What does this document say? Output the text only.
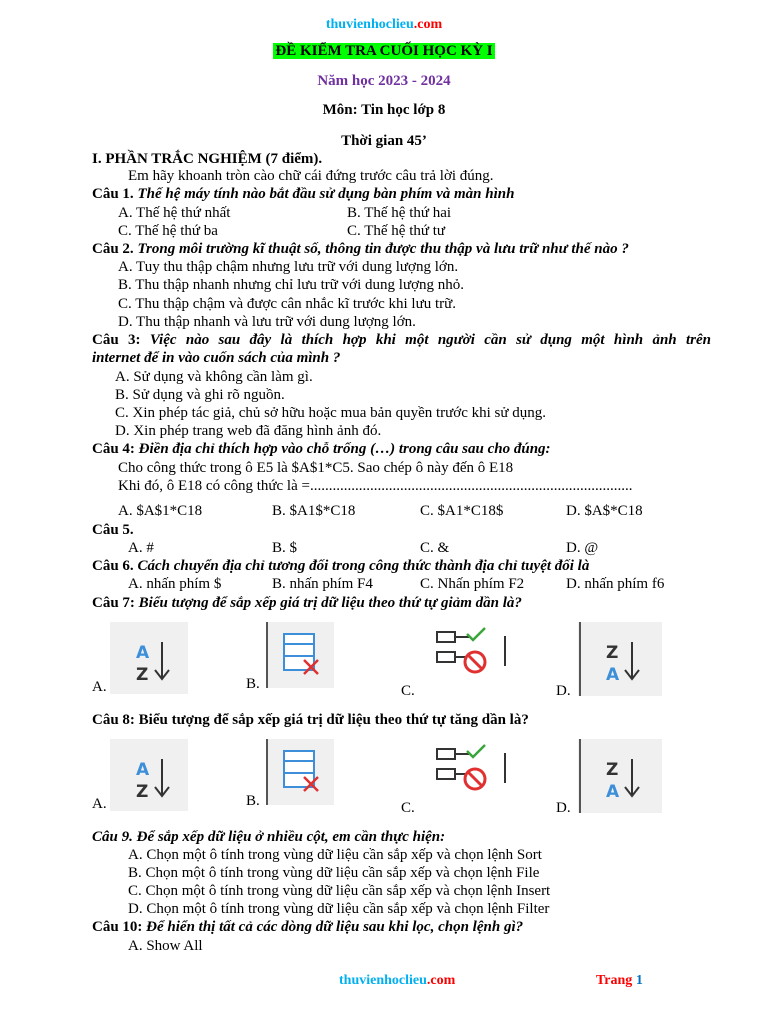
thuvienhoclieu.com
ĐỀ KIỂM TRA CUỐI HỌC KỲ I
Năm học 2023 - 2024
Môn: Tin học lớp 8
Thời gian 45’
I. PHẦN TRẮC NGHIỆM (7 điểm).
Em hãy khoanh tròn cào chữ cái đứng trước câu trả lời đúng.
Câu 1. Thế hệ máy tính nào bắt đầu sử dụng bàn phím và màn hình
A. Thế hệ thứ nhất	B. Thế hệ thứ hai
C. Thế hệ thứ ba	C. Thế hệ thứ tư
Câu 2. Trong môi trường kĩ thuật số, thông tin được thu thập và lưu trữ như thế nào ?
A. Tuy thu thập chậm nhưng lưu trữ với dung lượng lớn.
B. Thu thập nhanh nhưng chỉ lưu trữ với dung lượng nhỏ.
C. Thu thập chậm và được cân nhắc kĩ trước khi lưu trữ.
D. Thu thập nhanh và lưu trữ với dung lượng lớn.
Câu 3: Việc nào sau đây là thích hợp khi một người cần sử dụng một hình ảnh trên
internet để in vào cuốn sách của mình ?
A. Sử dụng và không cần làm gì.
B. Sử dụng và ghi rõ nguồn.
C. Xin phép tác giả, chủ sở hữu hoặc mua bản quyền trước khi sử dụng.
D. Xin phép trang web đã đăng hình ảnh đó.
Câu 4: Điền địa chỉ thích hợp vào chỗ trống (…) trong câu sau cho đúng:
Cho công thức trong ô E5 là $A$1*C5. Sao chép ô này đến ô E18
Khi đó, ô E18 có công thức là =......................................................................................
A. $A$1*C18	B. $A1$*C18	C. $A1*C18$	D. $A$*C18
Câu 5.
A. #	B. $	C. &	D. @
Câu 6. Cách chuyển địa chỉ tương đối trong công thức thành địa chỉ tuyệt đối là
A. nhấn phím $	B. nhấn phím F4	C. Nhấn phím F2	D. nhấn phím f6
Câu 7: Biểu tượng để sắp xếp giá trị dữ liệu theo thứ tự giảm dần là?
A.
A
Z	B.	C.	D.
Z
A
Câu 8: Biểu tượng để sắp xếp giá trị dữ liệu theo thứ tự tăng dần là?
A.
A
Z	B.	C.	D.
Z
A
Câu 9. Để sắp xếp dữ liệu ở nhiều cột, em cần thực hiện:
A. Chọn một ô tính trong vùng dữ liệu cần sắp xếp và chọn lệnh Sort
B. Chọn một ô tính trong vùng dữ liệu cần sắp xếp và chọn lệnh File
C. Chọn một ô tính trong vùng dữ liệu cần sắp xếp và chọn lệnh Insert
D. Chọn một ô tính trong vùng dữ liệu cần sắp xếp và chọn lệnh Filter
Câu 10: Để hiển thị tất cả các dòng dữ liệu sau khi lọc, chọn lệnh gì?
A. Show All
thuvienhoclieu.com	Trang 1
